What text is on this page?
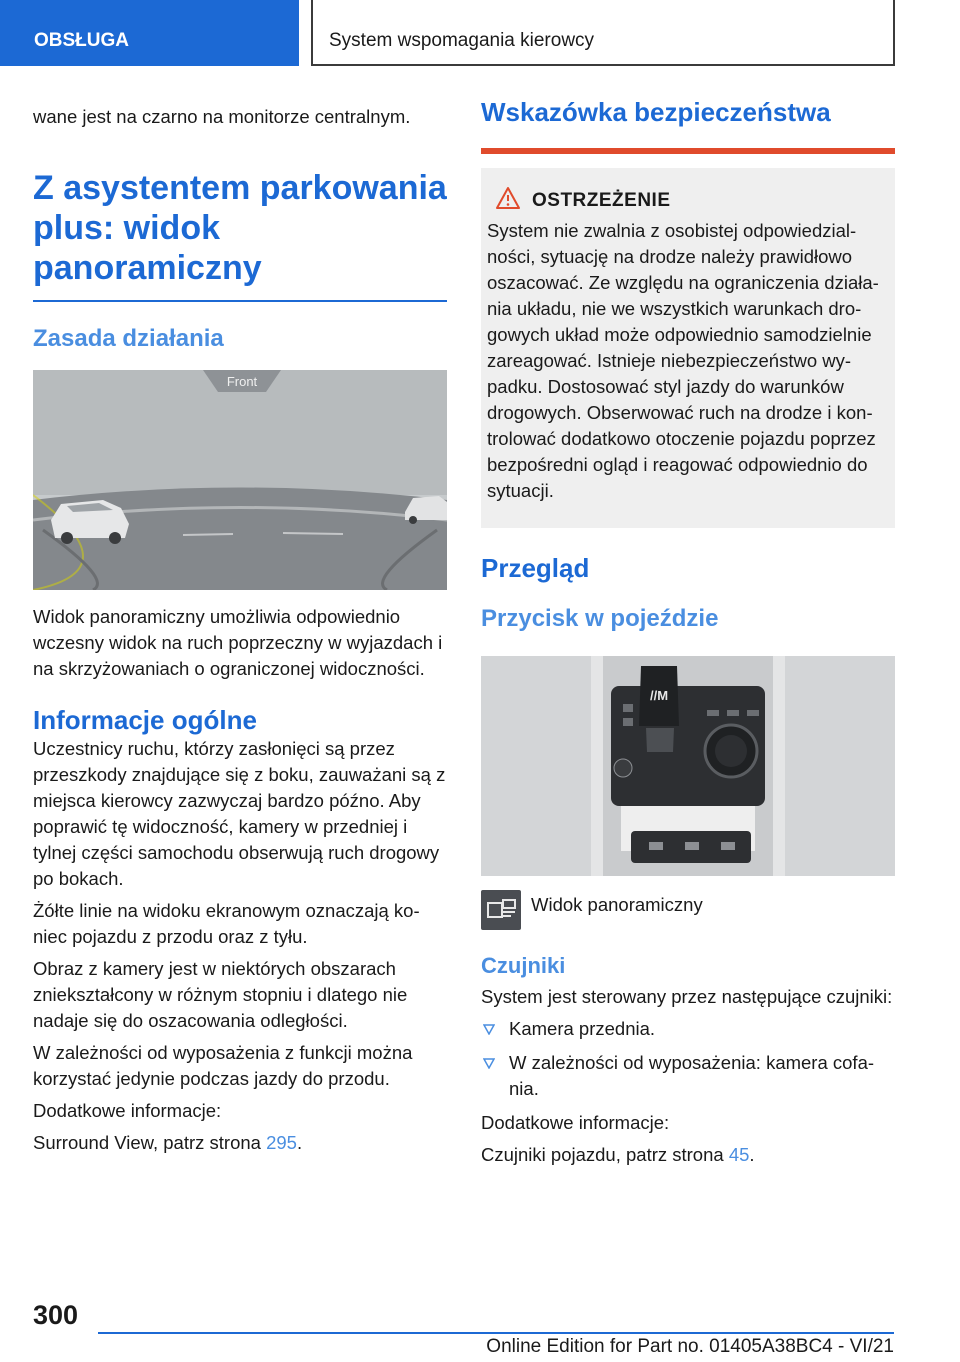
OBSŁUGA	System wspomagania kierowcy

wane jest na czarno na monitorze centralnym.

Z asystentem parkowania plus: widok panoramiczny
Zasada działania
Front

Widok panoramiczny umożliwia odpowiednio wczesny widok na ruch poprzeczny w wyjazdach i na skrzyżowaniach o ograniczonej widoczności.

Informacje ogólne

Uczestnicy ruchu, którzy zasłonięci są przez przeszkody znajdujące się z boku, zauważani są z miejsca kierowcy zazwyczaj bardzo późno. Aby poprawić tę widoczność, kamery w przedniej i tylnej części samochodu obserwują ruch drogowy po bokach.

Żółte linie na widoku ekranowym oznaczają koniec pojazdu z przodu oraz z tyłu.

Obraz z kamery jest w niektórych obszarach zniekształcony w różnym stopniu i dlatego nie nadaje się do oszacowania odległości.

W zależności od wyposażenia z funkcji można korzystać jedynie podczas jazdy do przodu.

Dodatkowe informacje:

Surround View, patrz strona 295.

Wskazówka bezpieczeństwa
OSTRZEŻENIE

System nie zwalnia z osobistej odpowiedzialności, sytuację na drodze należy prawidłowo oszacować. Ze względu na ograniczenia działania układu, nie we wszystkich warunkach drogowych układ może odpowiednio samodzielnie zareagować. Istnieje niebezpieczeństwo wypadku. Dostosować styl jazdy do warunków drogowych. Obserwować ruch na drodze i kontrolować dodatkowo otoczenie pojazdu poprzez bezpośredni ogląd i reagować odpowiednio do sytuacji.

Przegląd
Przycisk w pojeździe
//M
Widok panoramiczny
Czujniki

System jest sterowany przez następujące czujniki:

Kamera przednia.
W zależności od wyposażenia: kamera cofania.

Dodatkowe informacje:

Czujniki pojazdu, patrz strona 45.

300
Online Edition for Part no. 01405A38BC4 - VI/21
